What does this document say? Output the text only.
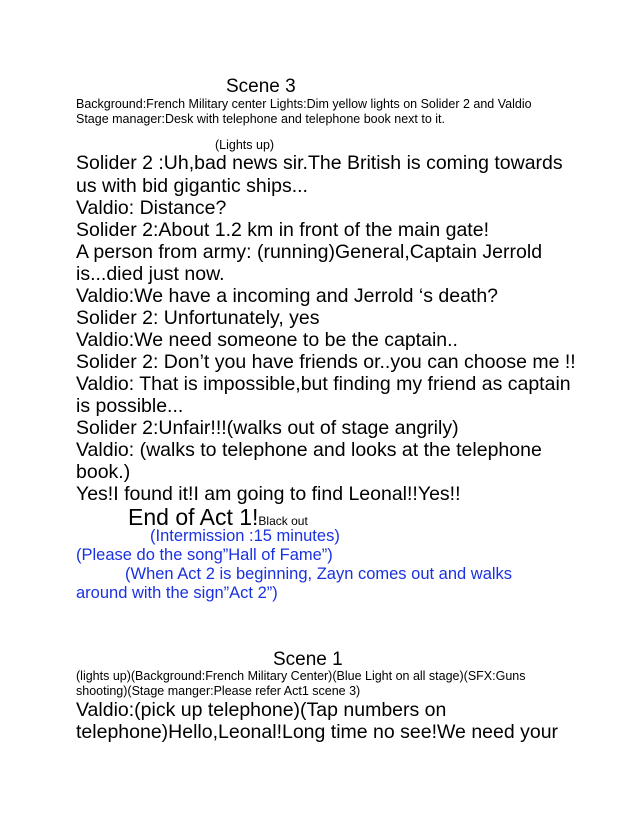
Scene 3
Background:French Military center Lights:Dim yellow lights on Solider 2 and Valdio
Stage manager:Desk with telephone and telephone book next to it.
(Lights up)
Solider 2 :Uh,bad news sir.The British is coming towards
us with bid gigantic ships...
Valdio: Distance?
Solider 2:About 1.2 km in front of the main gate!
A person from army: (running)General,Captain Jerrold
is...died just now.
Valdio:We have a incoming and Jerrold ‘s death?
Solider 2: Unfortunately, yes
Valdio:We need someone to be the captain..
Solider 2: Don’t you have friends or..you can choose me !!
Valdio: That is impossible,but finding my friend as captain
is possible...
Solider 2:Unfair!!!(walks out of stage angrily)
Valdio: (walks to telephone and looks at the telephone
book.)
Yes!I found it!I am going to find Leonal!!Yes!!
End of Act 1!Black out
(Intermission :15 minutes)
(Please do the song”Hall of Fame”)
(When Act 2 is beginning, Zayn comes out and walks
around with the sign”Act 2”)
Scene 1
(lights up)(Background:French Military Center)(Blue Light on all stage)(SFX:Guns
shooting)(Stage manger:Please refer Act1 scene 3)
Valdio:(pick up telephone)(Tap numbers on
telephone)Hello,Leonal!Long time no see!We need your
